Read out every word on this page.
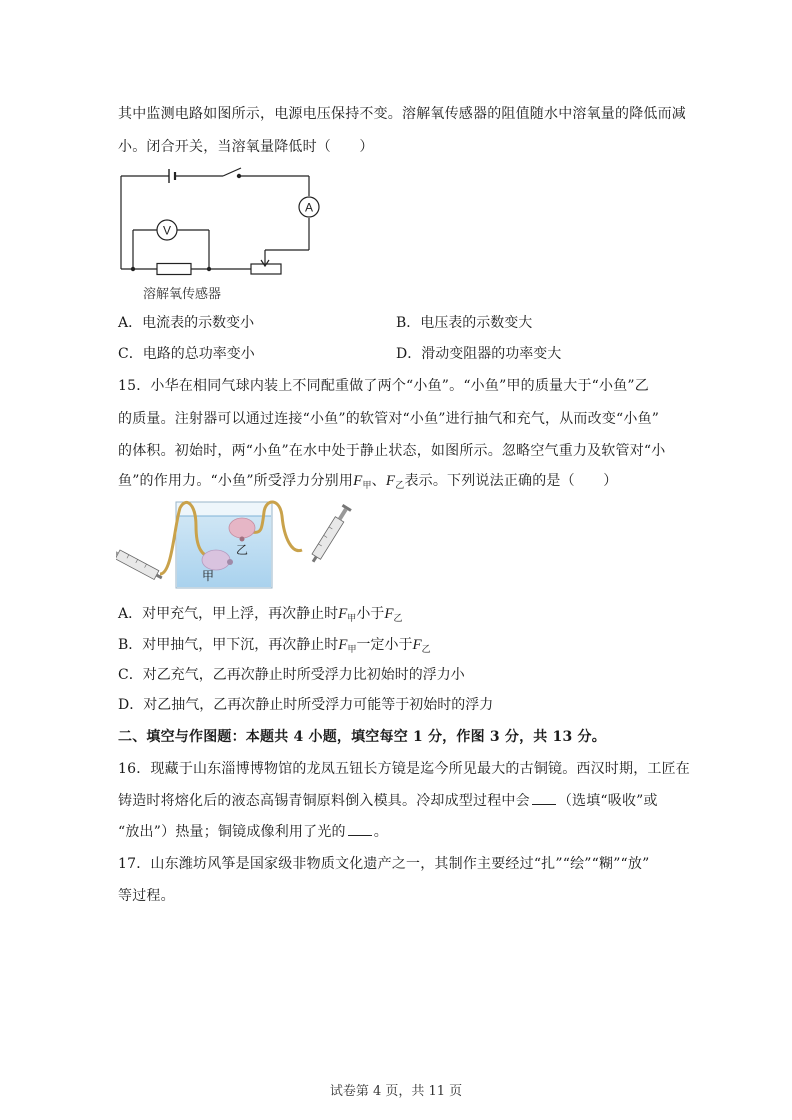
其中监测电路如图所示，电源电压保持不变。溶解氧传感器的阻值随水中溶氧量的降低而减
小。闭合开关，当溶氧量降低时（　　）
A
V
溶解氧传感器
A．电流表的示数变小	B．电压表的示数变大
C．电路的总功率变小	D．滑动变阻器的功率变大
15．小华在相同气球内装上不同配重做了两个“小鱼”。“小鱼”甲的质量大于“小鱼”乙
的质量。注射器可以通过连接“小鱼”的软管对“小鱼”进行抽气和充气，从而改变“小鱼”
的体积。初始时，两“小鱼”在水中处于静止状态，如图所示。忽略空气重力及软管对“小
鱼”的作用力。“小鱼”所受浮力分别用$F_甲$、$F_乙$表示。下列说法正确的是（　　）
甲
乙
A．对甲充气，甲上浮，再次静止时$F_甲$小于$F_乙$
B．对甲抽气，甲下沉，再次静止时$F_甲$一定小于$F_乙$
C．对乙充气，乙再次静止时所受浮力比初始时的浮力小
D．对乙抽气，乙再次静止时所受浮力可能等于初始时的浮力
二、填空与作图题：本题共 4 小题，填空每空 1 分，作图 3 分，共 13 分。
16．现藏于山东淄博博物馆的龙凤五钮长方镜是迄今所见最大的古铜镜。西汉时期，工匠在
铸造时将熔化后的液态高锡青铜原料倒入模具。冷却成型过程中会 （选填“吸收”或
“放出”）热量；铜镜成像利用了光的 。
17．山东潍坊风筝是国家级非物质文化遗产之一，其制作主要经过“扎”“绘”“糊”“放”
等过程。
试卷第 4 页，共 11 页
